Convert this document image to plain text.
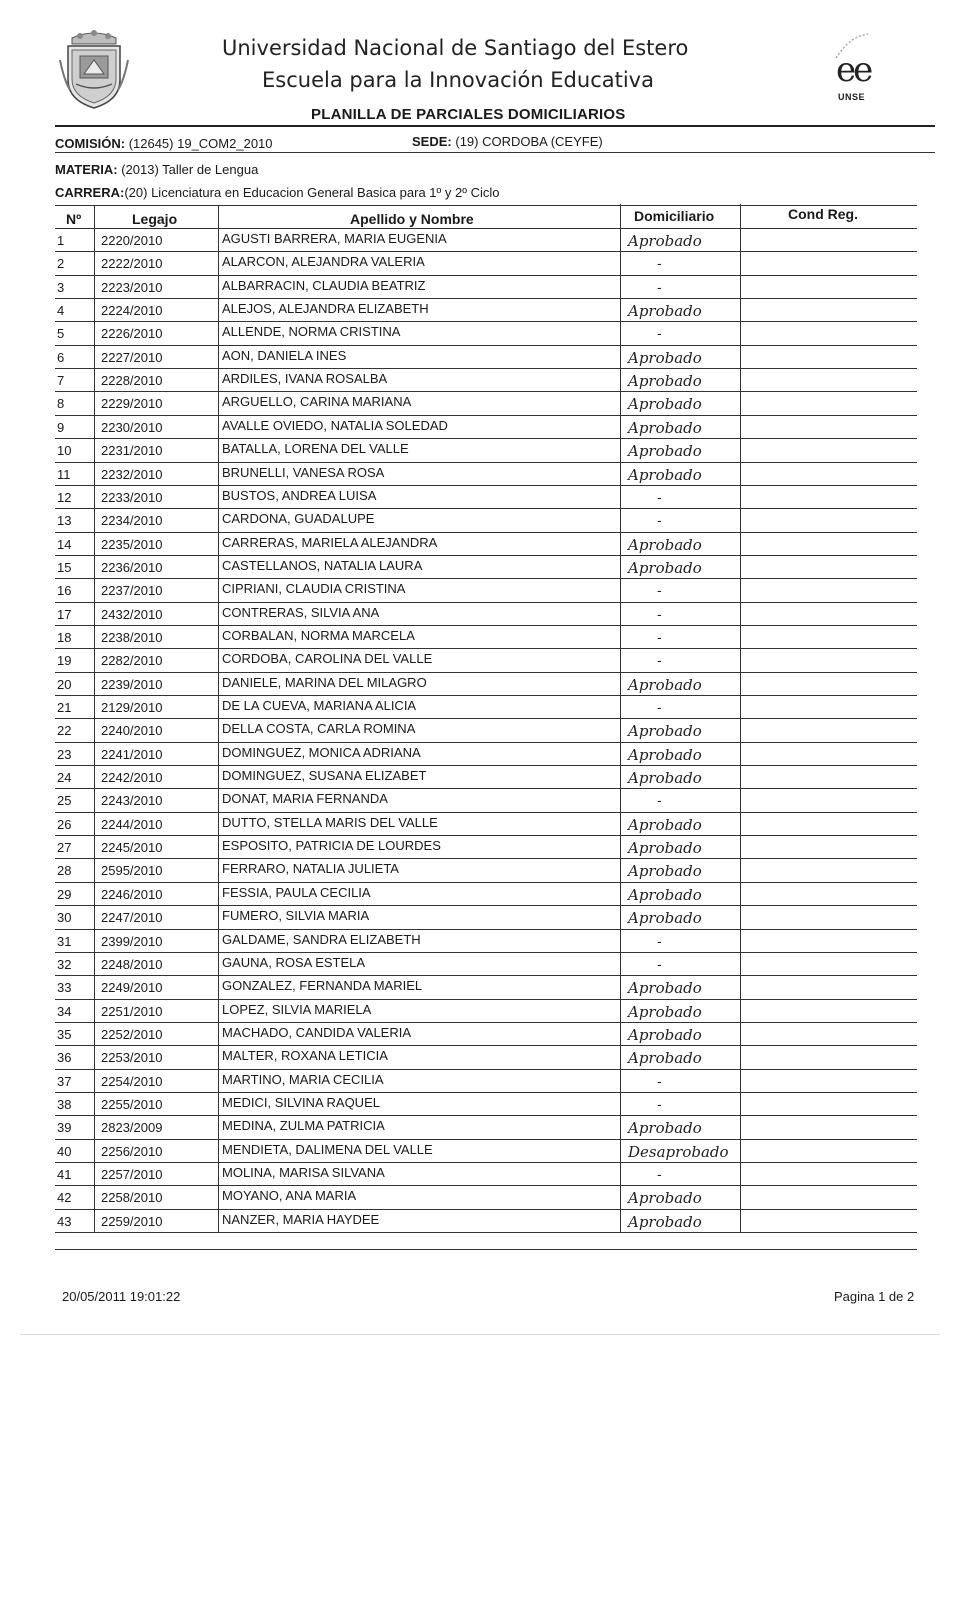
ee
UNSE
Universidad Nacional de Santiago del Estero
Escuela para la Innovación Educativa
PLANILLA DE PARCIALES DOMICILIARIOS
COMISIÓN: (12645) 19_COM2_2010	SEDE: (19) CORDOBA (CEYFE)
MATERIA: (2013) Taller de Lengua
CARRERA:(20) Licenciatura en Educacion General Basica para 1º y 2º Ciclo
Nº	Legajo	Apellido y Nombre	Domiciliario	Cond Reg.
1	2220/2010	AGUSTI BARRERA, MARIA EUGENIA	Aprobado
2	2222/2010	ALARCON, ALEJANDRA VALERIA	-
3	2223/2010	ALBARRACIN, CLAUDIA BEATRIZ	-
4	2224/2010	ALEJOS, ALEJANDRA ELIZABETH	Aprobado
5	2226/2010	ALLENDE, NORMA CRISTINA	-
6	2227/2010	AON, DANIELA INES	Aprobado
7	2228/2010	ARDILES, IVANA ROSALBA	Aprobado
8	2229/2010	ARGUELLO, CARINA MARIANA	Aprobado
9	2230/2010	AVALLE OVIEDO, NATALIA SOLEDAD	Aprobado
10 2231/2010	BATALLA, LORENA DEL VALLE	Aprobado
11 2232/2010	BRUNELLI, VANESA ROSA	Aprobado
12 2233/2010	BUSTOS, ANDREA LUISA	-
13 2234/2010	CARDONA, GUADALUPE	-
14 2235/2010	CARRERAS, MARIELA ALEJANDRA	Aprobado
15 2236/2010	CASTELLANOS, NATALIA LAURA	Aprobado
16 2237/2010	CIPRIANI, CLAUDIA CRISTINA	-
17 2432/2010	CONTRERAS, SILVIA ANA	-
18 2238/2010	CORBALAN, NORMA MARCELA	-
19 2282/2010	CORDOBA, CAROLINA DEL VALLE	-
20 2239/2010	DANIELE, MARINA DEL MILAGRO	Aprobado
21 2129/2010	DE LA CUEVA, MARIANA ALICIA	-
22 2240/2010	DELLA COSTA, CARLA ROMINA	Aprobado
23 2241/2010	DOMINGUEZ, MONICA ADRIANA	Aprobado
24 2242/2010	DOMINGUEZ, SUSANA ELIZABET	Aprobado
25 2243/2010	DONAT, MARIA FERNANDA	-
26 2244/2010	DUTTO, STELLA MARIS DEL VALLE	Aprobado
27 2245/2010	ESPOSITO, PATRICIA DE LOURDES	Aprobado
28 2595/2010	FERRARO, NATALIA JULIETA	Aprobado
29 2246/2010	FESSIA, PAULA CECILIA	Aprobado
30 2247/2010	FUMERO, SILVIA MARIA	Aprobado
31 2399/2010	GALDAME, SANDRA ELIZABETH	-
32 2248/2010	GAUNA, ROSA ESTELA	-
33 2249/2010	GONZALEZ, FERNANDA MARIEL	Aprobado
34 2251/2010	LOPEZ, SILVIA MARIELA	Aprobado
35 2252/2010	MACHADO, CANDIDA VALERIA	Aprobado
36 2253/2010	MALTER, ROXANA LETICIA	Aprobado
37 2254/2010	MARTINO, MARIA CECILIA	-
38 2255/2010	MEDICI, SILVINA RAQUEL	-
39 2823/2009	MEDINA, ZULMA PATRICIA	Aprobado
40 2256/2010	MENDIETA, DALIMENA DEL VALLE	Desaprobado
41 2257/2010	MOLINA, MARISA SILVANA	-
42 2258/2010	MOYANO, ANA MARIA	Aprobado
43 2259/2010	NANZER, MARIA HAYDEE	Aprobado
20/05/2011 19:01:22	Pagina 1 de 2
